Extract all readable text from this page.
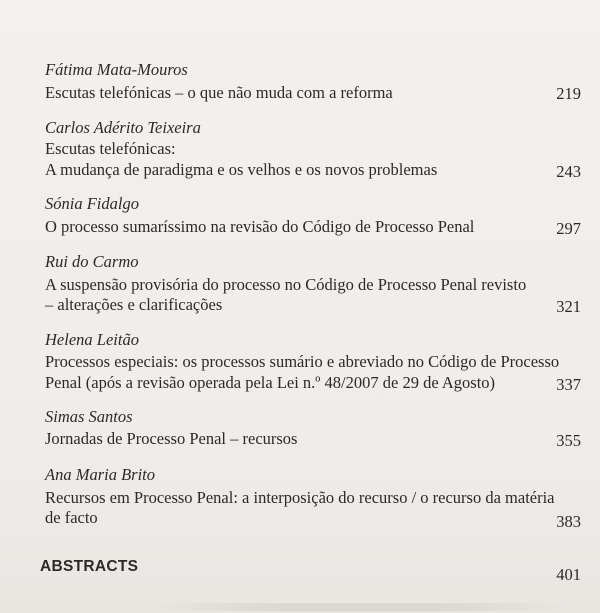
Fátima Mata-Mouros
Escutas telefónicas – o que não muda com a reforma	219
Carlos Adérito Teixeira
Escutas telefónicas:
A mudança de paradigma e os velhos e os novos problemas	243
Sónia Fidalgo
O processo sumaríssimo na revisão do Código de Processo Penal	297
Rui do Carmo
A suspensão provisória do processo no Código de Processo Penal revisto
– alterações e clarificações	321
Helena Leitão
Processos especiais: os processos sumário e abreviado no Código de Processo
Penal (após a revisão operada pela Lei n.º 48/2007 de 29 de Agosto)	337
Simas Santos
Jornadas de Processo Penal – recursos	355
Ana Maria Brito
Recursos em Processo Penal: a interposição do recurso / o recurso da matéria
de facto	383
ABSTRACTS	401
